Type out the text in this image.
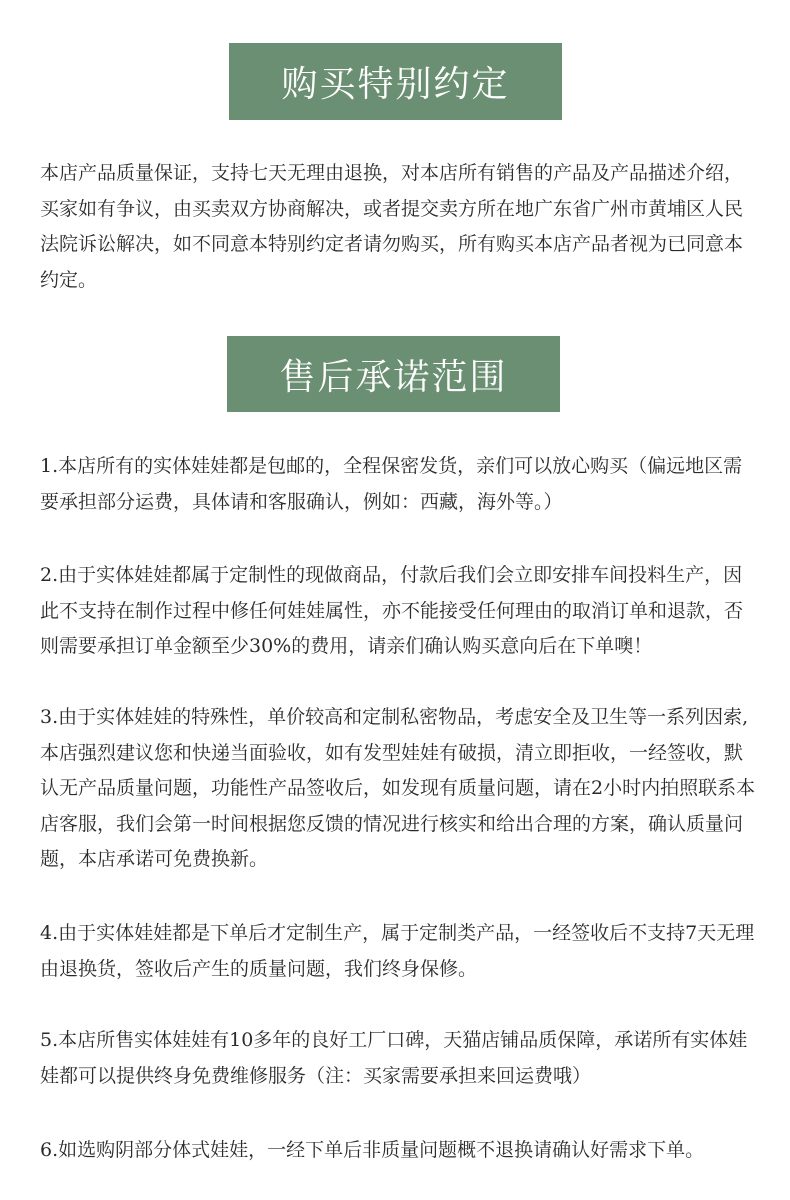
购买特别约定
本店产品质量保证，支持七天无理由退换，对本店所有销售的产品及产品描述介绍，买家如有争议，由买卖双方协商解决，或者提交卖方所在地广东省广州市黄埔区人民法院诉讼解决，如不同意本特别约定者请勿购买，所有购买本店产品者视为已同意本约定。
售后承诺范围
1.本店所有的实体娃娃都是包邮的，全程保密发货，亲们可以放心购买（偏远地区需要承担部分运费，具体请和客服确认，例如：西藏，海外等。）
2.由于实体娃娃都属于定制性的现做商品，付款后我们会立即安排车间投料生产，因此不支持在制作过程中修任何娃娃属性，亦不能接受任何理由的取消订单和退款，否则需要承担订单金额至少30%的费用，请亲们确认购买意向后在下单噢！
3.由于实体娃娃的特殊性，单价较高和定制私密物品，考虑安全及卫生等一系列因索,本店强烈建议您和快递当面验收，如有发型娃娃有破损，清立即拒收，一经签收，默认无产品质量问题，功能性产品签收后，如发现有质量问题，请在2小时内拍照联系本店客服，我们会第一时间根据您反馈的情况进行核实和给出合理的方案，确认质量问题，本店承诺可免费换新。
4.由于实体娃娃都是下单后才定制生产，属于定制类产品，一经签收后不支持7天无理由退换货，签收后产生的质量问题，我们终身保修。
5.本店所售实体娃娃有10多年的良好工厂口碑，天猫店铺品质保障，承诺所有实体娃娃都可以提供终身免费维修服务（注：买家需要承担来回运费哦）
6.如选购阴部分体式娃娃，一经下单后非质量问题概不退换请确认好需求下单。
